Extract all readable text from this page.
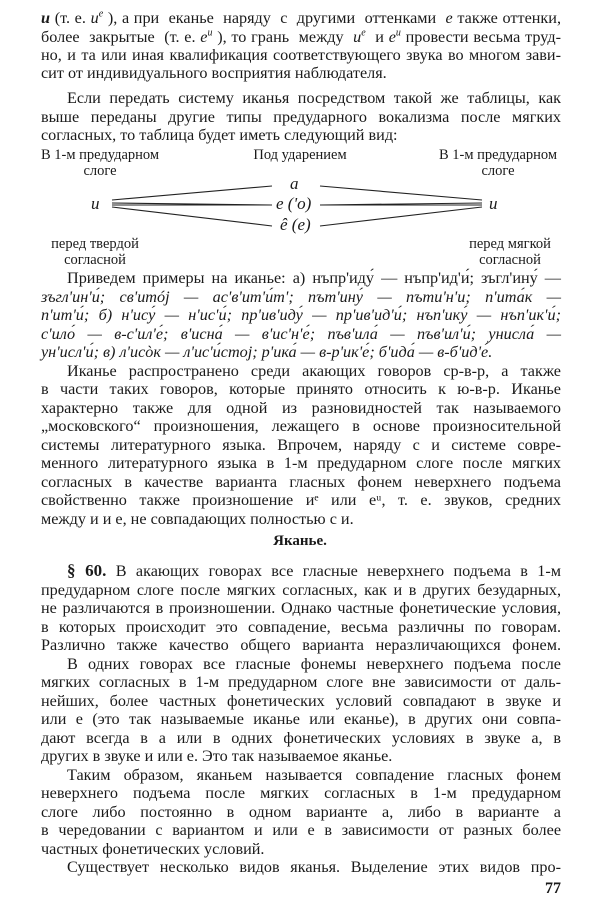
и (т. е. $и^е$ ), а при  еканье  наряду  с  другими  оттенками  е также оттенки,
более  закрытые  (т. е. $е^и$ ), то грань  между  $и^е$  и $е^и$ провести весьма труд-
но, и та или иная квалификация соответствующего звука во многом зави-
сит от индивидуального восприятия наблюдателя.
Если передать систему иканья посредством такой же таблицы, как
выше переданы другие типы предударного вокализма после мягких
согласных, то таблица будет иметь следующий вид:
В 1-м предударном
слоге
Под ударением	В 1-м предударном
слоге
и	и
а
е ('о)
ê (е)
перед твердой
согласной
перед мягкой
согласной
Приведем примеры на иканье: а) нъпр'иду́ — нъпр'ид'и́; зъгл'ину́ —
зъгл'ин'и́; св'итóј — ас'в'ит'и́т'; път'ину́ — пъти'н'и; п'ита́к —
п'ит'и́; б) н'ису́ — н'ис'и́; пр'ив'иду́ — пр'ив'ид'и́; нъп'ику́ — нъп'ик'и́;
с'ило́ — в-с'ил'е́; в'исна́ — в'ис'н'е́; пъв'ила́ — пъв'ил'и́; унисла́ —
ун'исл'и́; в) л'исòк — л'ис'и́стој; р'ика́ — в-р'ик'е́; б'ида́ — в-б'ид'е́.
Иканье распространено среди акающих говоров ср-в-р, а также
в части таких говоров, которые принято относить к ю-в-р. Иканье
характерно также для одной из разновидностей так называемого
„московского“ произношения, лежащего в основе произносительной
системы литературного языка. Впрочем, наряду с и системе совре-
менного литературного языка в 1-м предударном слоге после мягких
согласных в качестве варианта гласных фонем неверхнего подъема
свойственно также произношение иᵉ или еᵘ, т. е. звуков, средних
между и и е, не совпадающих полностью с и.
Яканье.
§ 60. В акающих говорах все гласные неверхнего подъема в 1-м
предударном слоге после мягких согласных, как и в других безударных,
не различаются в произношении. Однако частные фонетические условия,
в которых происходит это совпадение, весьма различны по говорам.
Различно также качество общего варианта неразличающихся фонем.
В одних говорах все гласные фонемы неверхнего подъема после
мягких согласных в 1-м предударном слоге вне зависимости от даль-
нейших, более частных фонетических условий совпадают в звуке и
или е (это так называемые иканье или еканье), в других они совпа-
дают всегда в а или в одних фонетических условиях в звуке а, в
других в звуке и или е. Это так называемое яканье.
Таким образом, яканьем называется совпадение гласных фонем
неверхнего подъема после мягких согласных в 1-м предударном
слоге либо постоянно в одном варианте а, либо в варианте а
в чередовании с вариантом и или е в зависимости от разных более
частных фонетических условий.
Существует несколько видов яканья. Выделение этих видов про-
77
